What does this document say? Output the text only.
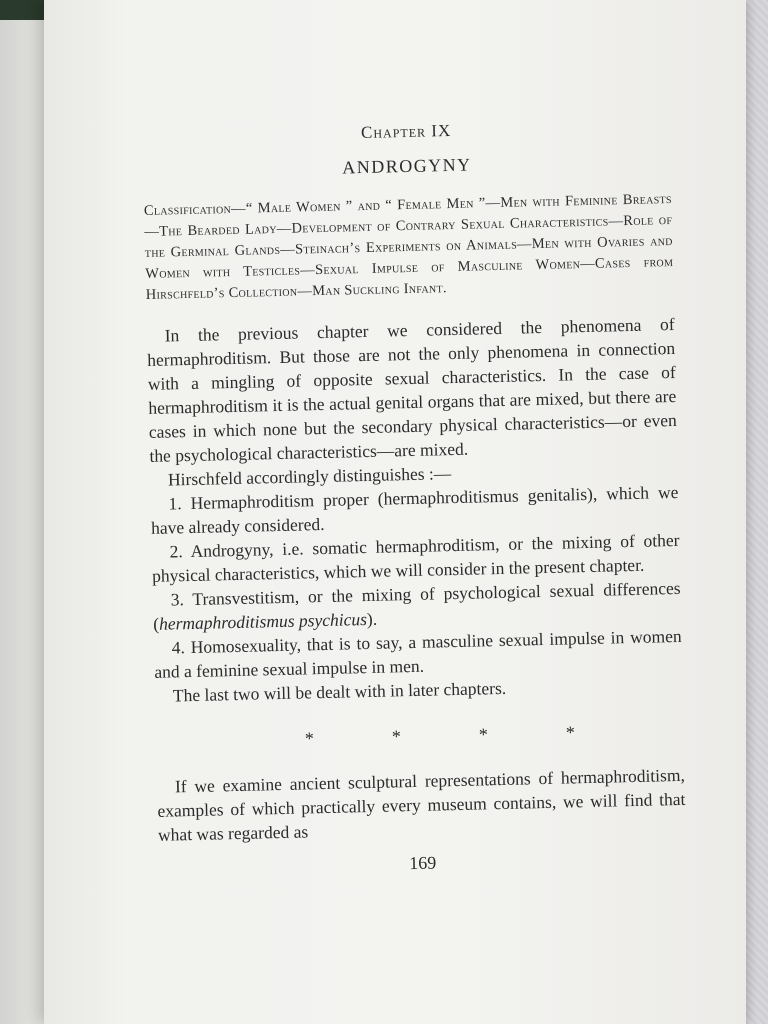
Chapter IX
ANDROGYNY
Classification—“ Male Women ” and “ Female Men ”—Men with Feminine Breasts—The Bearded Lady—Development of Contrary Sexual Characteristics—Role of the Germinal Glands—Steinach’s Experiments on Animals—Men with Ovaries and Women with Testicles—Sexual Impulse of Masculine Women—Cases from Hirschfeld’s Collection—Man Suckling Infant.

In the previous chapter we considered the phenomena of hermaphroditism. But those are not the only phenomena in connection with a mingling of opposite sexual characteristics. In the case of hermaphroditism it is the actual genital organs that are mixed, but there are cases in which none but the secondary physical characteristics—or even the psychological characteristics—are mixed.

Hirschfeld accordingly distinguishes :—

1. Hermaphroditism proper (hermaphroditismus genitalis), which we have already considered.

2. Androgyny, i.e. somatic hermaphroditism, or the mixing of other physical characteristics, which we will consider in the present chapter.

3. Transvestitism, or the mixing of psychological sexual differences (hermaphroditismus psychicus).

4. Homosexuality, that is to say, a masculine sexual impulse in women and a feminine sexual impulse in men.

The last two will be dealt with in later chapters.

*	*	*	*

If we examine ancient sculptural representations of hermaphroditism, examples of which practically every museum contains, we will find that what was regarded as

169
